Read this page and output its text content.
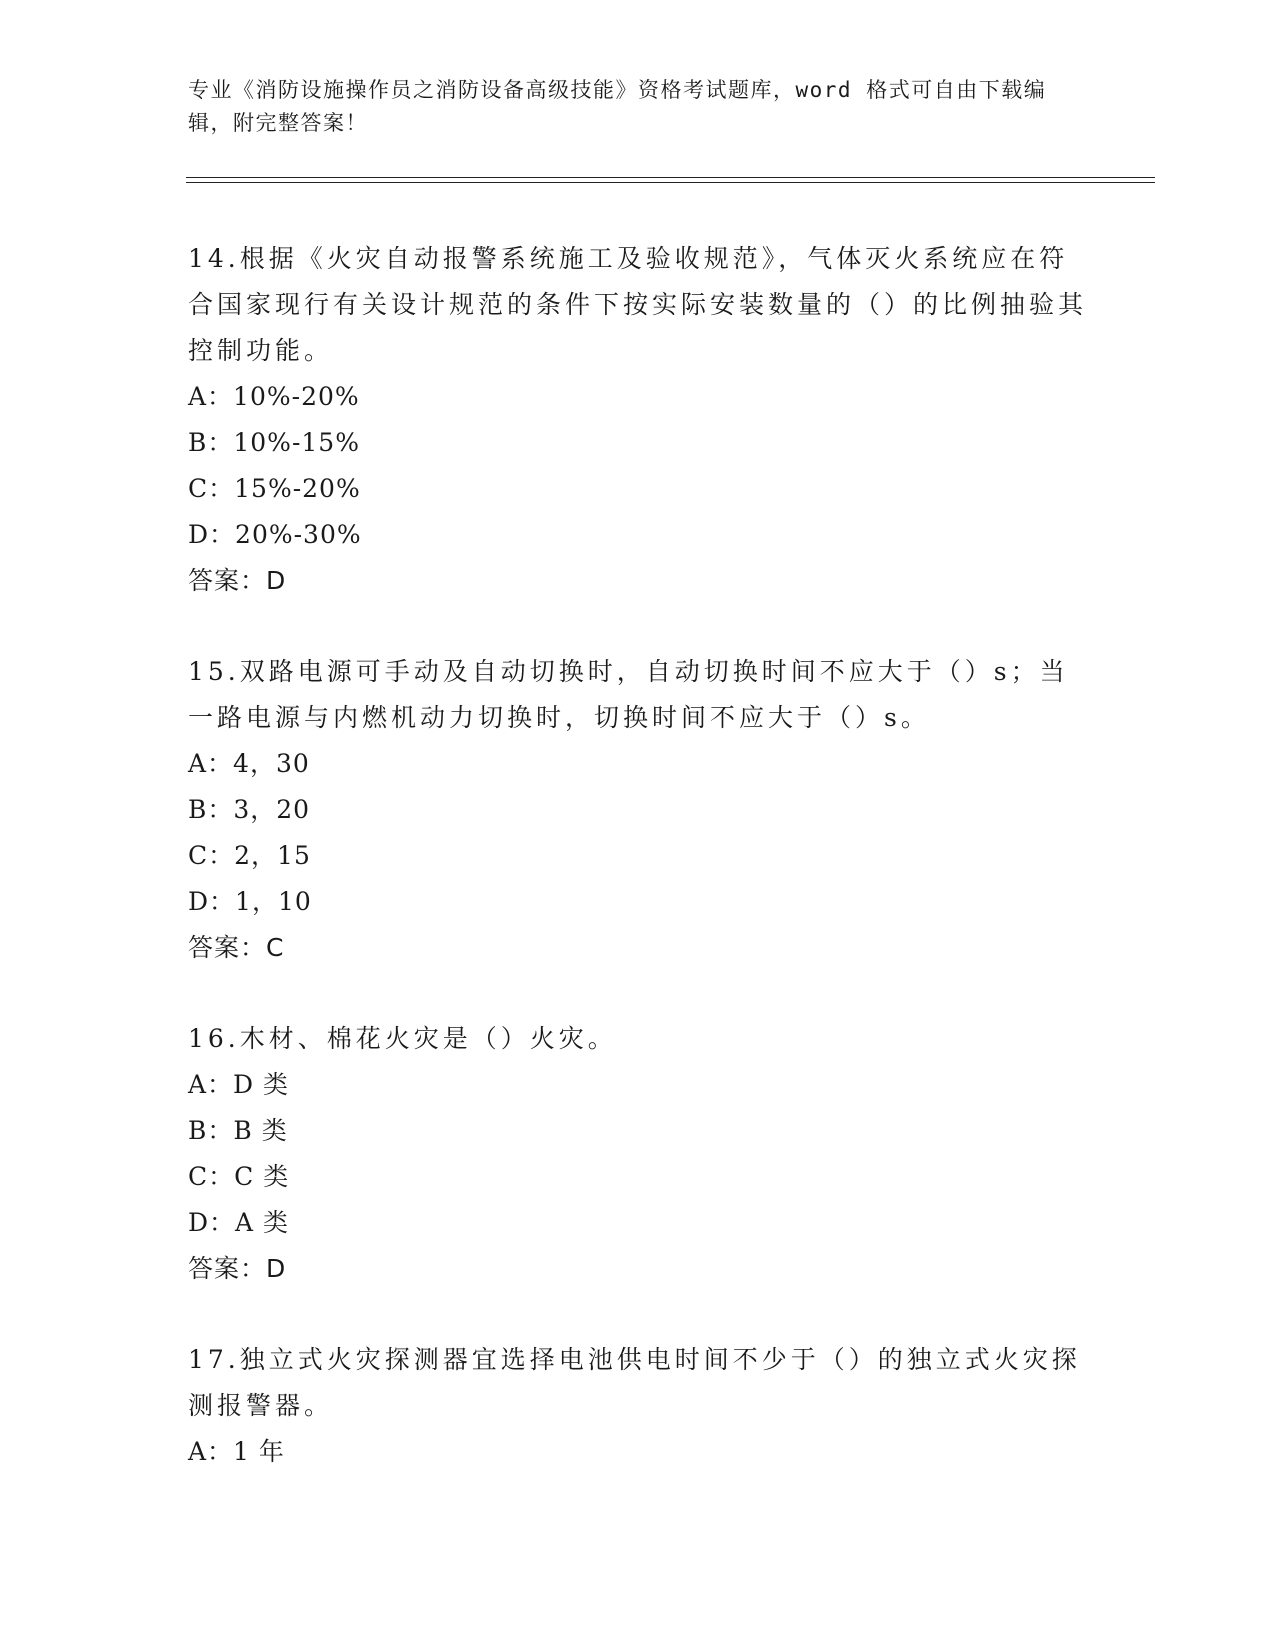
专业《消防设施操作员之消防设备高级技能》资格考试题库，word 格式可自由下载编辑，附完整答案！

14.根据《火灾自动报警系统施工及验收规范》，气体灭火系统应在符合国家现行有关设计规范的条件下按实际安装数量的（）的比例抽验其控制功能。

A：10%-20%

B：10%-15%

C：15%-20%

D：20%-30%

答案：D

15.双路电源可手动及自动切换时，自动切换时间不应大于（）s；当一路电源与内燃机动力切换时，切换时间不应大于（）s。

A：4，30

B：3，20

C：2，15

D：1，10

答案：C

16.木材、棉花火灾是（）火灾。

A：D 类

B：B 类

C：C 类

D：A 类

答案：D

17.独立式火灾探测器宜选择电池供电时间不少于（）的独立式火灾探测报警器。

A：1 年
